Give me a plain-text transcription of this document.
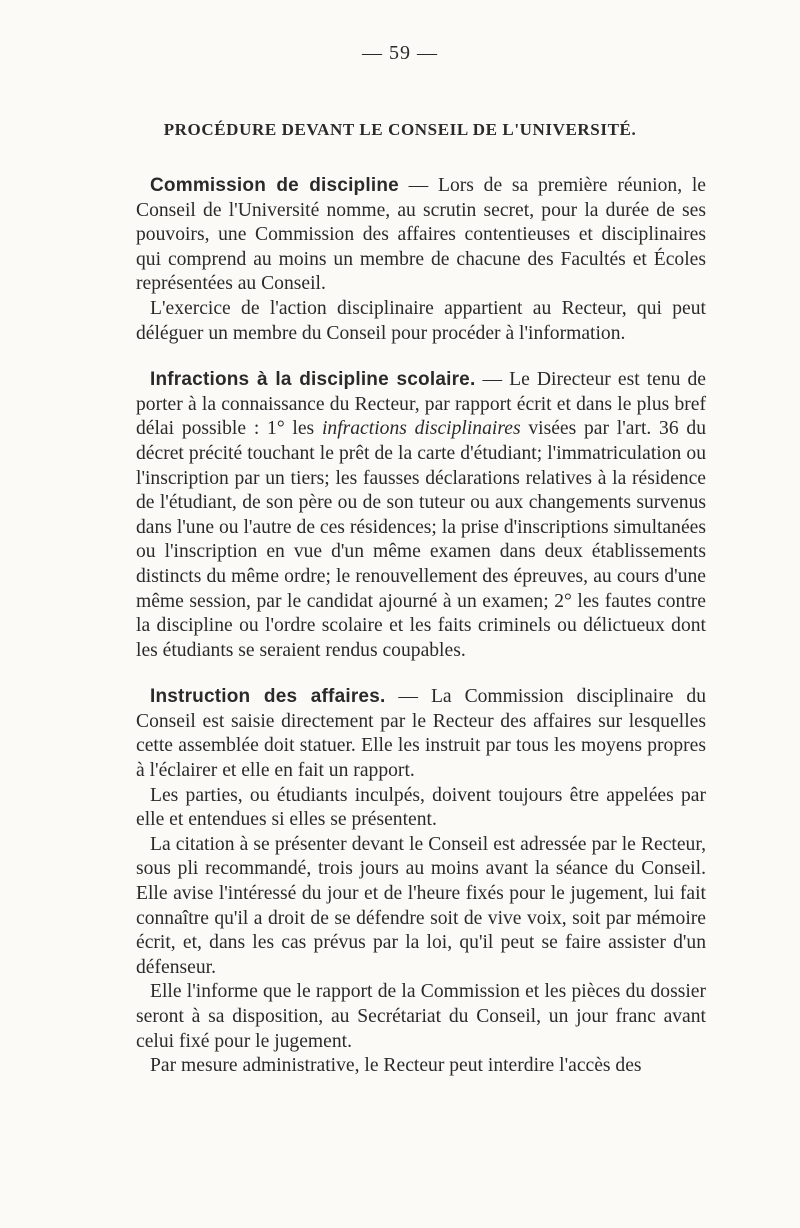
— 59 —
PROCÉDURE DEVANT LE CONSEIL DE L'UNIVERSITÉ.

Commission de discipline — Lors de sa première réunion, le Conseil de l'Université nomme, au scrutin secret, pour la durée de ses pouvoirs, une Commission des affaires contentieuses et disciplinaires qui comprend au moins un membre de chacune des Facultés et Écoles représentées au Conseil.

L'exercice de l'action disciplinaire appartient au Recteur, qui peut déléguer un membre du Conseil pour procéder à l'information.

Infractions à la discipline scolaire. — Le Directeur est tenu de porter à la connaissance du Recteur, par rapport écrit et dans le plus bref délai possible : 1° les infractions disciplinaires visées par l'art. 36 du décret précité touchant le prêt de la carte d'étudiant; l'immatriculation ou l'inscription par un tiers; les fausses déclarations relatives à la résidence de l'étudiant, de son père ou de son tuteur ou aux changements survenus dans l'une ou l'autre de ces résidences; la prise d'inscriptions simultanées ou l'inscription en vue d'un même examen dans deux établissements distincts du même ordre; le renouvellement des épreuves, au cours d'une même session, par le candidat ajourné à un examen; 2° les fautes contre la discipline ou l'ordre scolaire et les faits criminels ou délictueux dont les étudiants se seraient rendus coupables.

Instruction des affaires. — La Commission disciplinaire du Conseil est saisie directement par le Recteur des affaires sur lesquelles cette assemblée doit statuer. Elle les instruit par tous les moyens propres à l'éclairer et elle en fait un rapport.

Les parties, ou étudiants inculpés, doivent toujours être appelées par elle et entendues si elles se présentent.

La citation à se présenter devant le Conseil est adressée par le Recteur, sous pli recommandé, trois jours au moins avant la séance du Conseil. Elle avise l'intéressé du jour et de l'heure fixés pour le jugement, lui fait connaître qu'il a droit de se défendre soit de vive voix, soit par mémoire écrit, et, dans les cas prévus par la loi, qu'il peut se faire assister d'un défenseur.

Elle l'informe que le rapport de la Commission et les pièces du dossier seront à sa disposition, au Secrétariat du Conseil, un jour franc avant celui fixé pour le jugement.

Par mesure administrative, le Recteur peut interdire l'accès des
